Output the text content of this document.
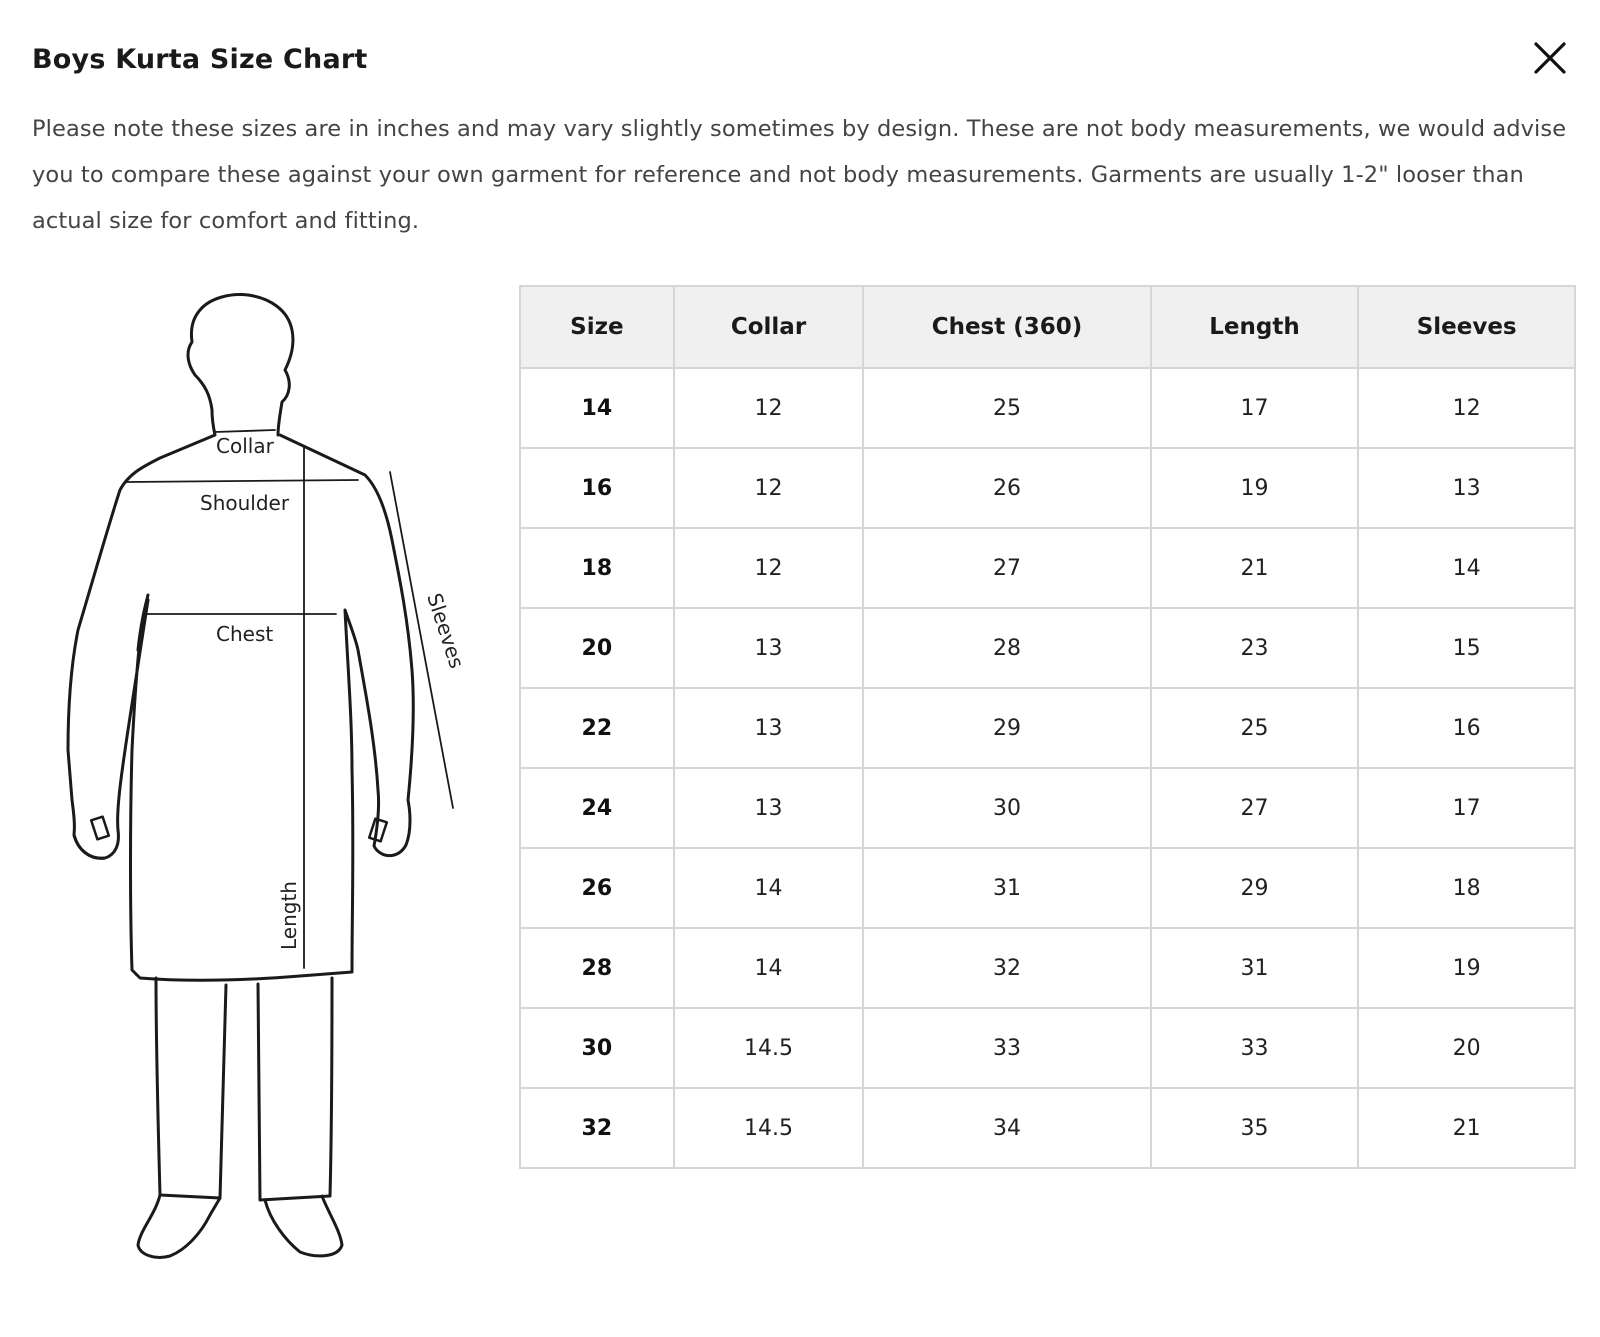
Boys Kurta Size Chart

Please note these sizes are in inches and may vary slightly sometimes by design. These are not body measurements, we would advise you to compare these against your own garment for reference and not body measurements. Garments are usually 1-2" looser than actual size for comfort and fitting.

Collar
Shoulder
Chest
Length
Sleeves
Size	Collar	Chest (360)	Length	Sleeves
14	12	25	17	12
16	12	26	19	13
18	12	27	21	14
20	13	28	23	15
22	13	29	25	16
24	13	30	27	17
26	14	31	29	18
28	14	32	31	19
30	14.5	33	33	20
32	14.5	34	35	21
